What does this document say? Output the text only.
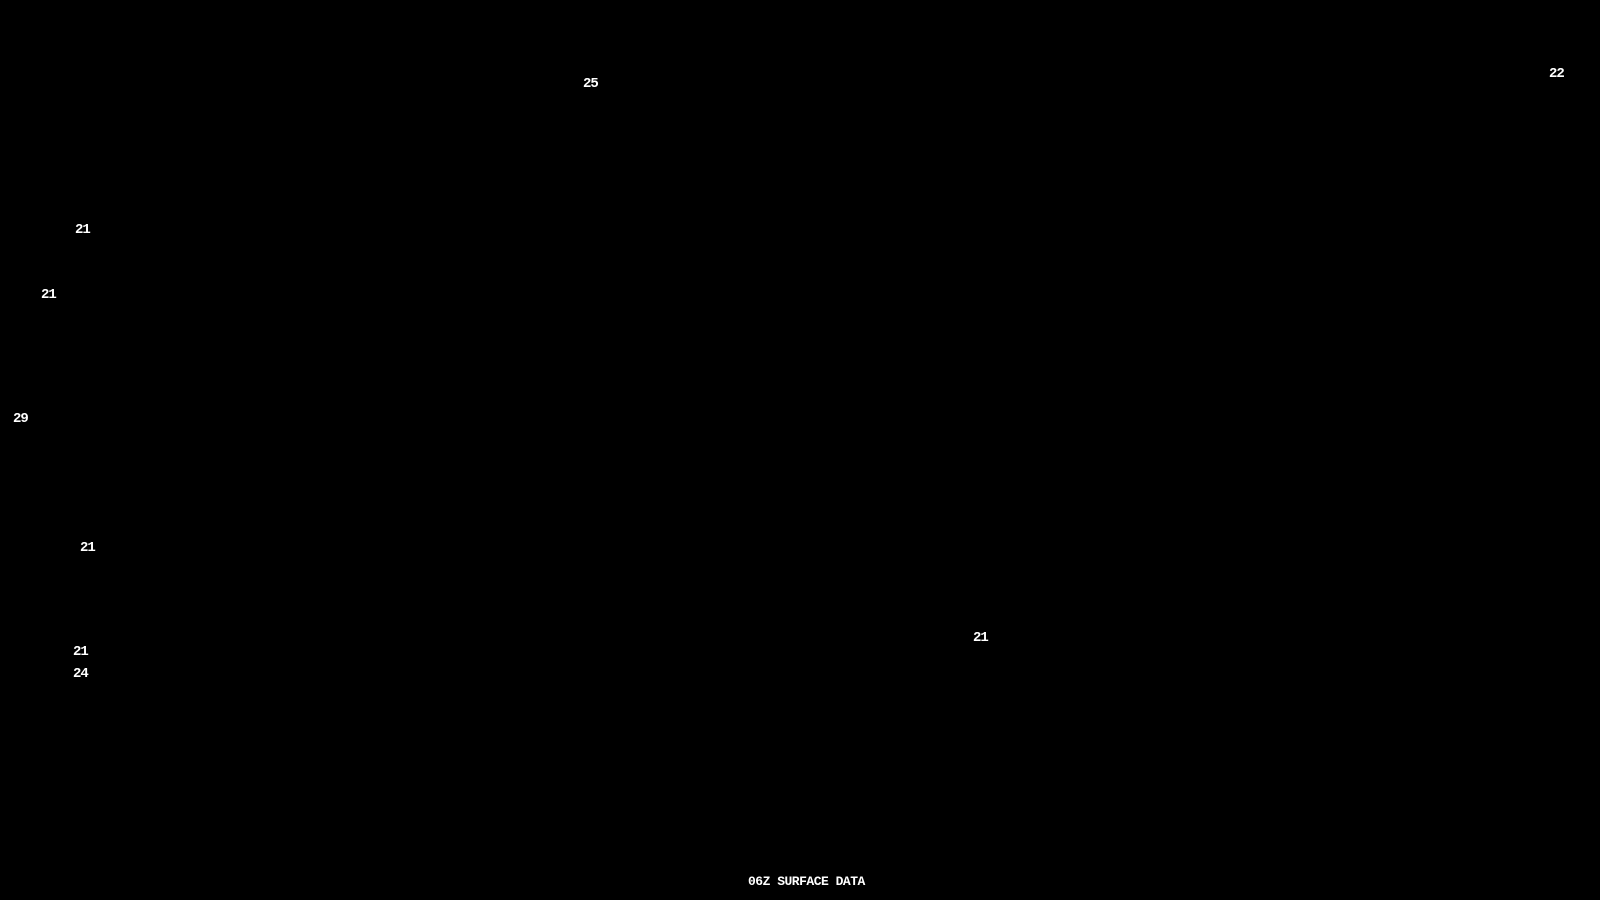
25
22
21
21
29
21
21
24
21
06Z SURFACE DATA
